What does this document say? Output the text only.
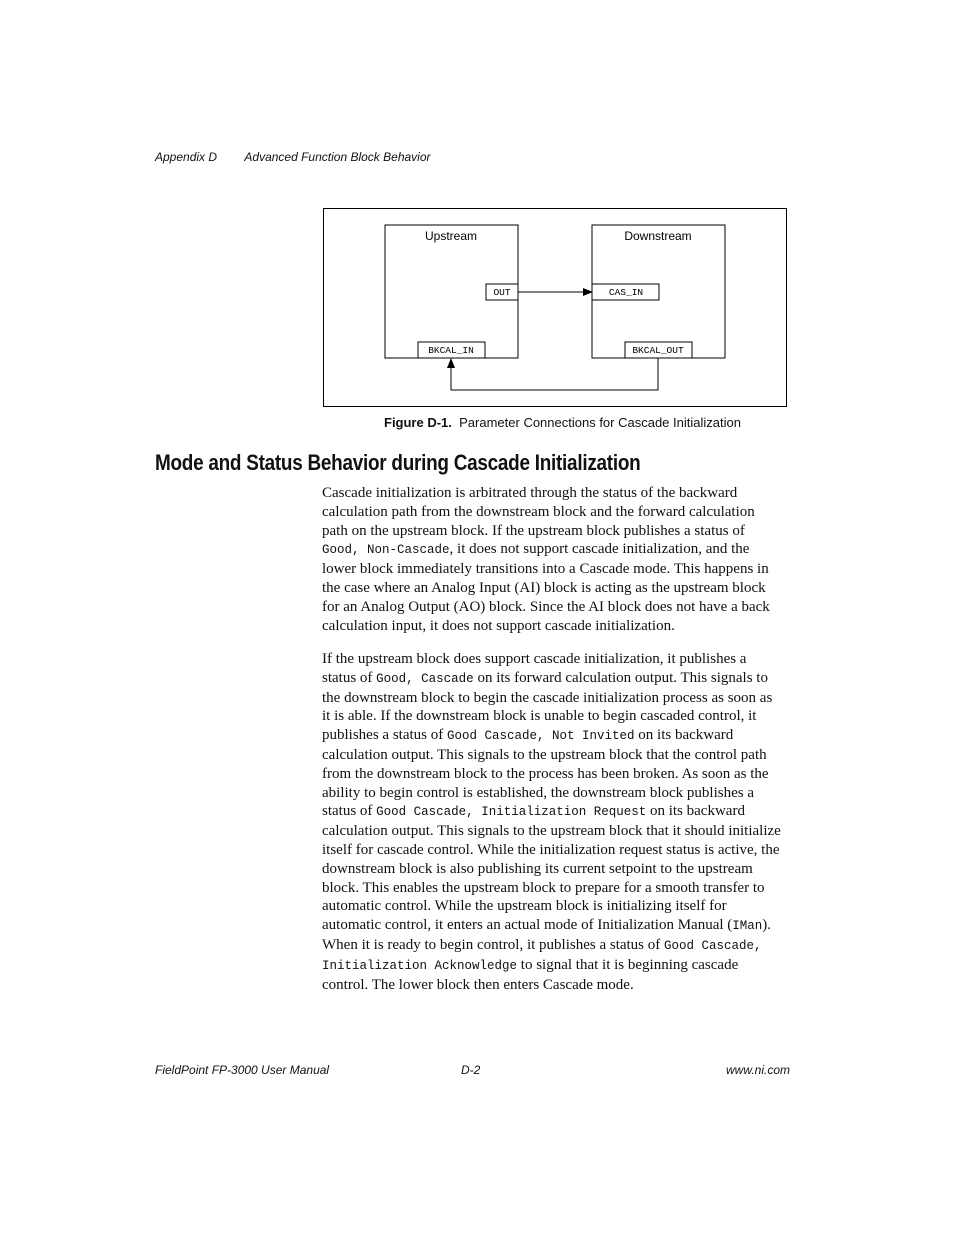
Appendix D Advanced Function Block Behavior
Upstream	Downstream
OUT	CAS_IN
BKCAL_IN	BKCAL_OUT
Figure D-1. Parameter Connections for Cascade Initialization
Mode and Status Behavior during Cascade Initialization

Cascade initialization is arbitrated through the status of the backward calculation path from the downstream block and the forward calculation path on the upstream block. If the upstream block publishes a status of Good, Non-Cascade, it does not support cascade initialization, and the lower block immediately transitions into a Cascade mode. This happens in the case where an Analog Input (AI) block is acting as the upstream block for an Analog Output (AO) block. Since the AI block does not have a back calculation input, it does not support cascade initialization.

If the upstream block does support cascade initialization, it publishes a status of Good, Cascade on its forward calculation output. This signals to the downstream block to begin the cascade initialization process as soon as it is able. If the downstream block is unable to begin cascaded control, it publishes a status of Good Cascade, Not Invited on its backward calculation output. This signals to the upstream block that the control path from the downstream block to the process has been broken. As soon as the ability to begin control is established, the downstream block publishes a status of Good Cascade, Initialization Request on its backward calculation output. This signals to the upstream block that it should initialize itself for cascade control. While the initialization request status is active, the downstream block is also publishing its current setpoint to the upstream block. This enables the upstream block to prepare for a smooth transfer to automatic control. While the upstream block is initializing itself for automatic control, it enters an actual mode of Initialization Manual (IMan). When it is ready to begin control, it publishes a status of Good Cascade, Initialization Acknowledge to signal that it is beginning cascade control. The lower block then enters Cascade mode.

FieldPoint FP-3000 User Manual	D-2	www.ni.com
